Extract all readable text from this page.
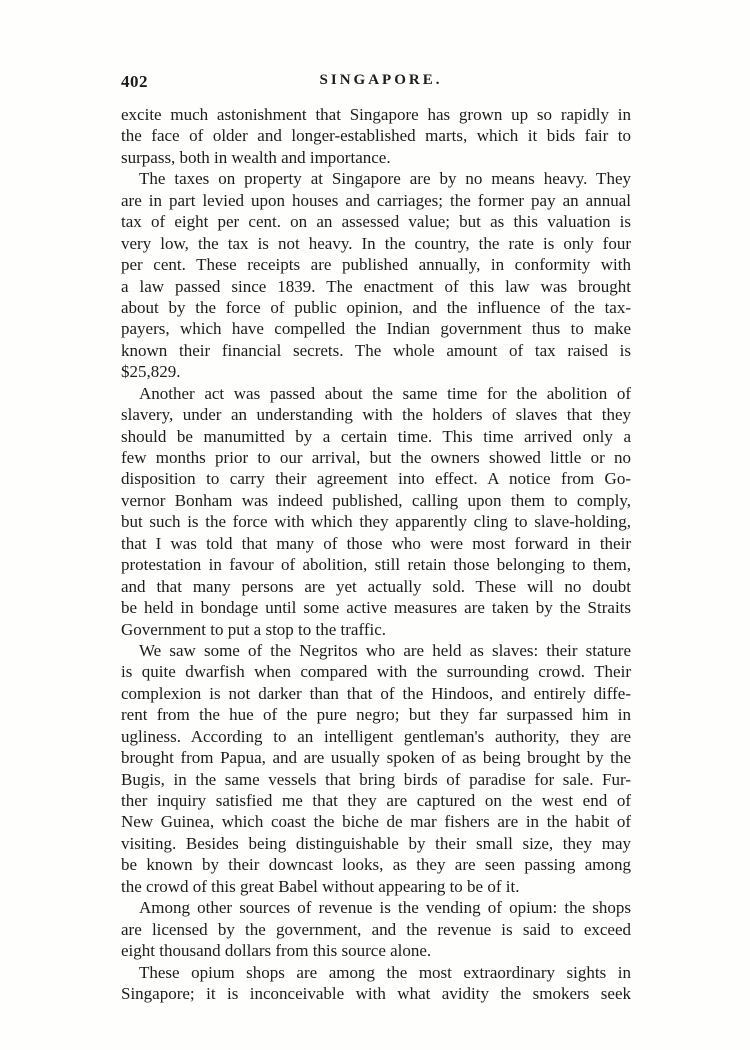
402	SINGAPORE.
excite much astonishment that Singapore has grown up so rapidly in
the face of older and longer-established marts, which it bids fair to
surpass, both in wealth and importance.
The taxes on property at Singapore are by no means heavy. They
are in part levied upon houses and carriages; the former pay an annual
tax of eight per cent. on an assessed value; but as this valuation is
very low, the tax is not heavy. In the country, the rate is only four
per cent. These receipts are published annually, in conformity with
a law passed since 1839. The enactment of this law was brought
about by the force of public opinion, and the influence of the tax-
payers, which have compelled the Indian government thus to make
known their financial secrets. The whole amount of tax raised is
$25,829.
Another act was passed about the same time for the abolition of
slavery, under an understanding with the holders of slaves that they
should be manumitted by a certain time. This time arrived only a
few months prior to our arrival, but the owners showed little or no
disposition to carry their agreement into effect. A notice from Go-
vernor Bonham was indeed published, calling upon them to comply,
but such is the force with which they apparently cling to slave-holding,
that I was told that many of those who were most forward in their
protestation in favour of abolition, still retain those belonging to them,
and that many persons are yet actually sold. These will no doubt
be held in bondage until some active measures are taken by the Straits
Government to put a stop to the traffic.
We saw some of the Negritos who are held as slaves: their stature
is quite dwarfish when compared with the surrounding crowd. Their
complexion is not darker than that of the Hindoos, and entirely diffe-
rent from the hue of the pure negro; but they far surpassed him in
ugliness. According to an intelligent gentleman's authority, they are
brought from Papua, and are usually spoken of as being brought by the
Bugis, in the same vessels that bring birds of paradise for sale. Fur-
ther inquiry satisfied me that they are captured on the west end of
New Guinea, which coast the biche de mar fishers are in the habit of
visiting. Besides being distinguishable by their small size, they may
be known by their downcast looks, as they are seen passing among
the crowd of this great Babel without appearing to be of it.
Among other sources of revenue is the vending of opium: the shops
are licensed by the government, and the revenue is said to exceed
eight thousand dollars from this source alone.
These opium shops are among the most extraordinary sights in
Singapore; it is inconceivable with what avidity the smokers seek
